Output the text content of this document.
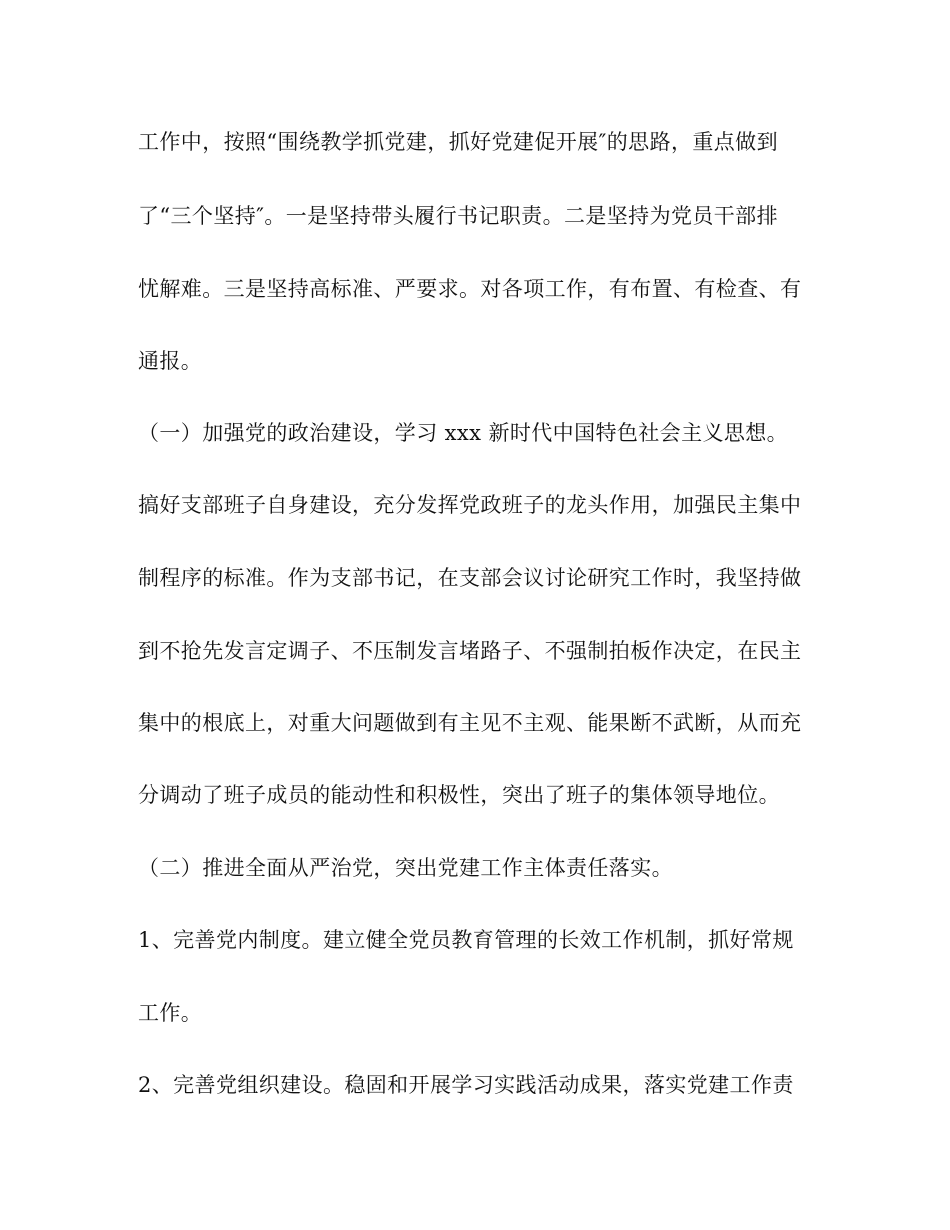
工作中，按照“围绕教学抓党建，抓好党建促开展″的思路，重点做到
了“三个坚持″。一是坚持带头履行书记职责。二是坚持为党员干部排
忧解难。三是坚持高标准、严要求。对各项工作，有布置、有检查、有
通报。
（一）加强党的政治建设，学习 xxx 新时代中国特色社会主义思想。
搞好支部班子自身建设，充分发挥党政班子的龙头作用，加强民主集中
制程序的标准。作为支部书记，在支部会议讨论研究工作时，我坚持做
到不抢先发言定调子、不压制发言堵路子、不强制拍板作决定，在民主
集中的根底上，对重大问题做到有主见不主观、能果断不武断，从而充
分调动了班子成员的能动性和积极性，突出了班子的集体领导地位。
（二）推进全面从严治党，突出党建工作主体责任落实。
1、完善党内制度。建立健全党员教育管理的长效工作机制，抓好常规
工作。
2、完善党组织建设。稳固和开展学习实践活动成果，落实党建工作责
